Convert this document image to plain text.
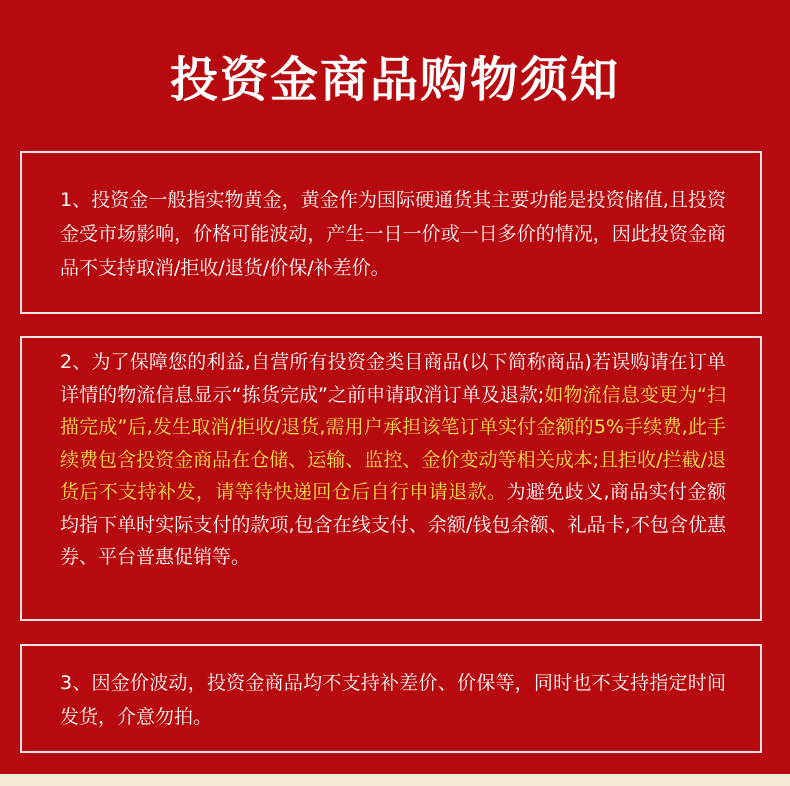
投资金商品购物须知

1、投资金一般指实物黄金，黄金作为国际硬通货其主要功能是投资储值,且投资金受市场影响，价格可能波动，产生一日一价或一日多价的情况，因此投资金商品不支持取消/拒收/退货/价保/补差价。

2、为了保障您的利益,自营所有投资金类目商品(以下简称商品)若误购请在订单详情的物流信息显示“拣货完成”之前申请取消订单及退款;如物流信息变更为“扫描完成”后,发生取消/拒收/退货,需用户承担该笔订单实付金额的5%手续费,此手续费包含投资金商品在仓储、运输、监控、金价变动等相关成本;且拒收/拦截/退货后不支持补发，请等待快递回仓后自行申请退款。为避免歧义,商品实付金额均指下单时实际支付的款项,包含在线支付、余额/钱包余额、礼品卡,不包含优惠券、平台普惠促销等。

3、因金价波动，投资金商品均不支持补差价、价保等，同时也不支持指定时间发货，介意勿拍。
